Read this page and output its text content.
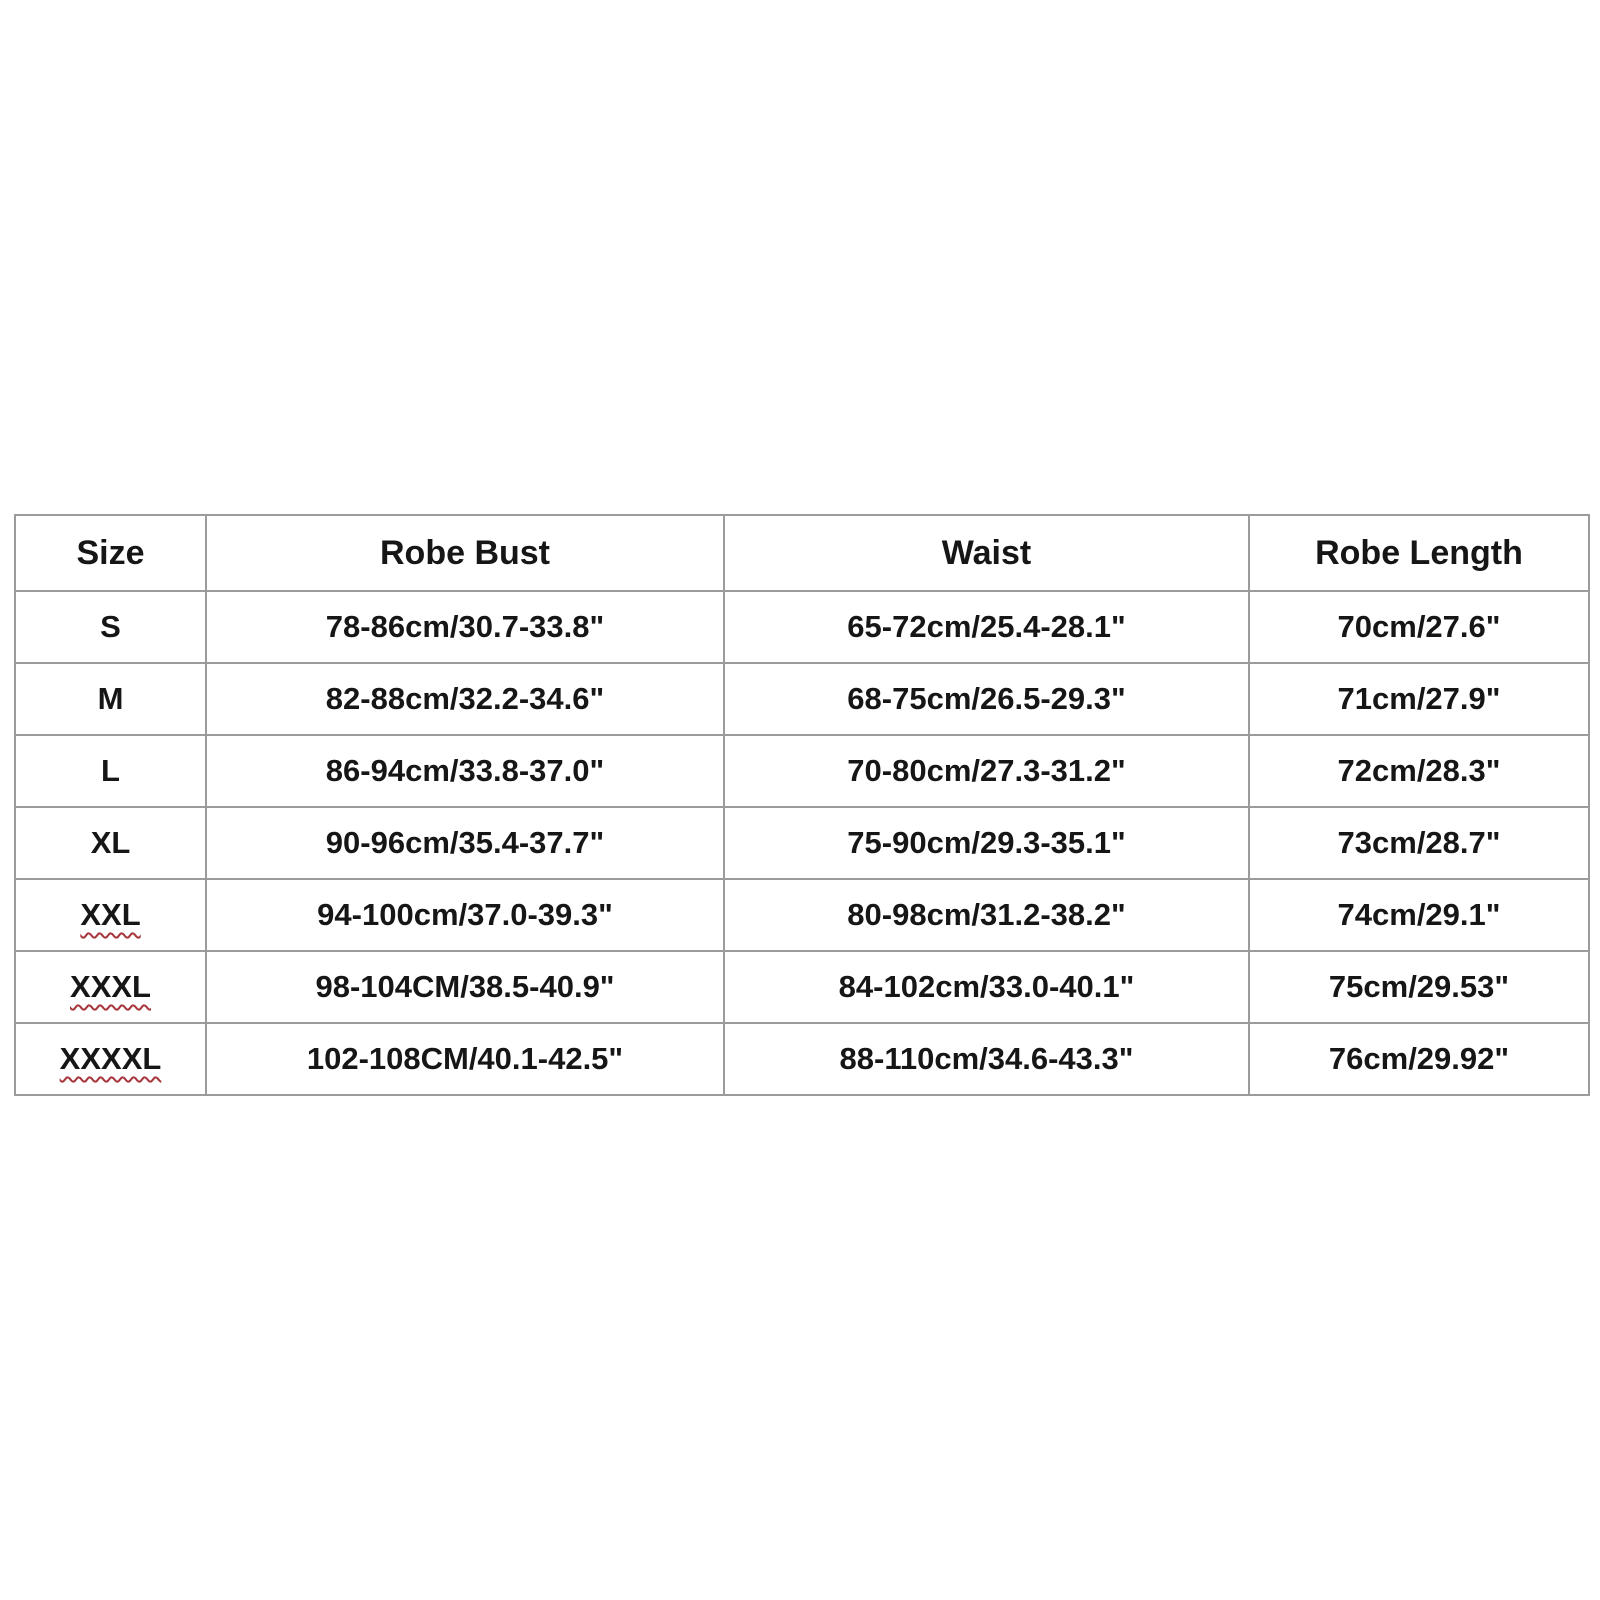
Size	Robe Bust	Waist	Robe Length
S	78-86cm/30.7-33.8"	65-72cm/25.4-28.1"	70cm/27.6"
M	82-88cm/32.2-34.6"	68-75cm/26.5-29.3"	71cm/27.9"
L	86-94cm/33.8-37.0"	70-80cm/27.3-31.2"	72cm/28.3"
XL	90-96cm/35.4-37.7"	75-90cm/29.3-35.1"	73cm/28.7"
XXL	94-100cm/37.0-39.3"	80-98cm/31.2-38.2"	74cm/29.1"
XXXL	98-104CM/38.5-40.9"	84-102cm/33.0-40.1"	75cm/29.53"
XXXXL	102-108CM/40.1-42.5"	88-110cm/34.6-43.3"	76cm/29.92"
